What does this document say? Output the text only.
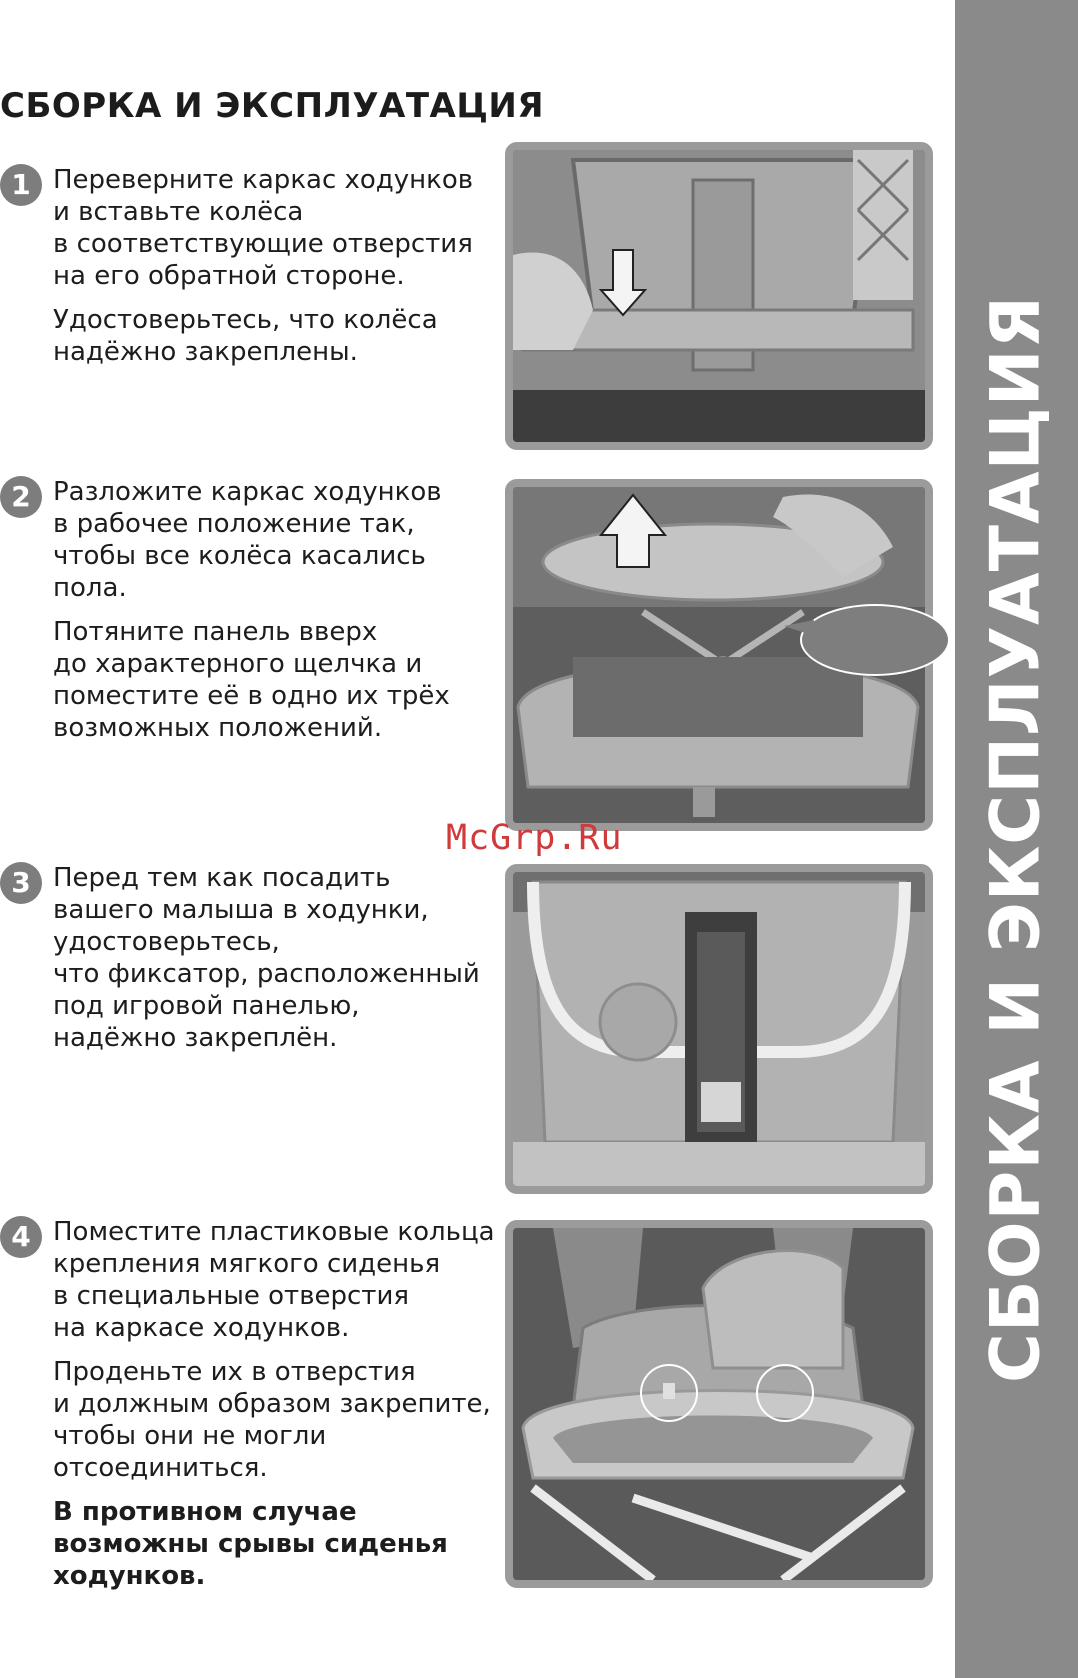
СБОРКА И ЭКСПЛУАТАЦИЯ
1 Переверните каркас ходунков
и вставьте колёса
в соответствующие отверстия
на его обратной стороне.

Удостоверьтесь, что колёса
надёжно закреплены.

2 Разложите каркас ходунков
в рабочее положение так,
чтобы все колёса касались
пола.

Потяните панель вверх
до характерного щелчка и
поместите её в одно их трёх
возможных положений.

McGrp.Ru
3 Перед тем как посадить
вашего малыша в ходунки,
удостоверьтесь,
что фиксатор, расположенный
под игровой панелью,
надёжно закреплён.

4 Поместите пластиковые кольца
крепления мягкого сиденья
в специальные отверстия
на каркасе ходунков.

Проденьте их в отверстия
и должным образом закрепите,
чтобы они не могли
отсоединиться.

В противном случае
возможны срывы сиденья
ходунков.

СБОРКА И ЭКСПЛУАТАЦИЯ
